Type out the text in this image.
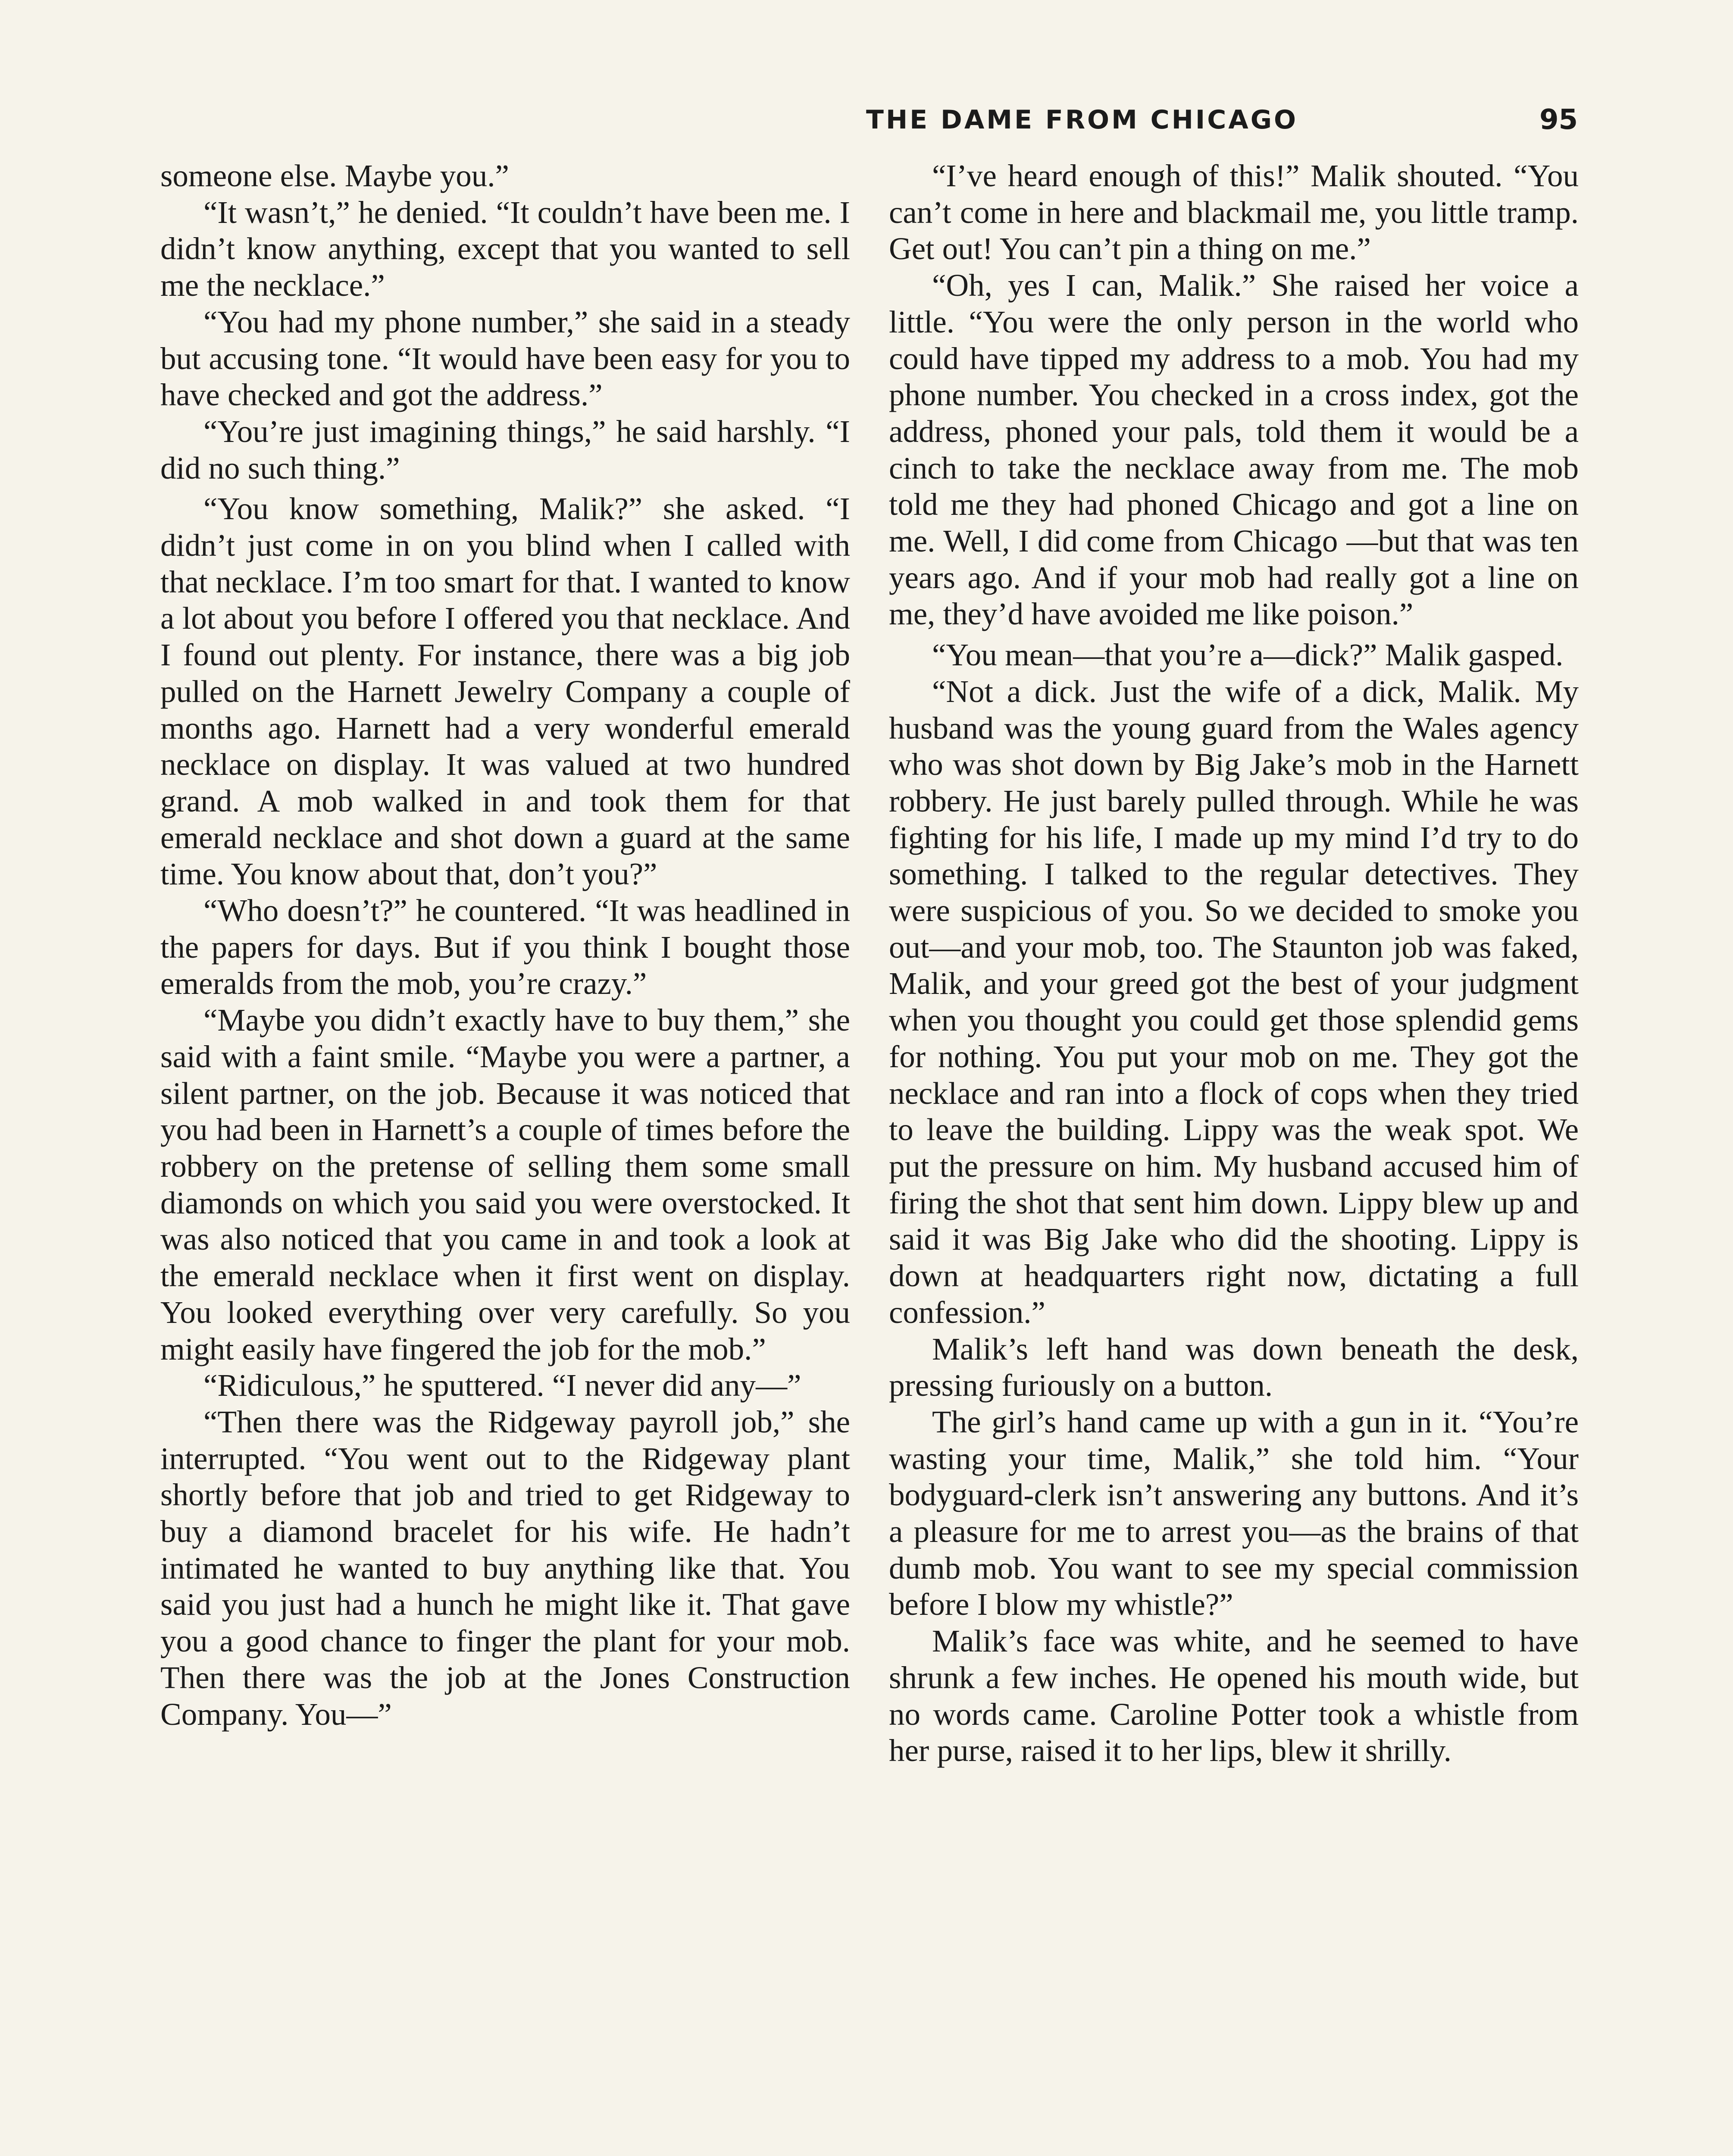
THE DAME FROM CHICAGO	95

someone else. Maybe you.”

“It wasn’t,” he denied. “It couldn’t have been me. I didn’t know anything, except that you wanted to sell me the necklace.”

“You had my phone number,” she said in a steady but accusing tone. “It would have been easy for you to have checked and got the address.”

“You’re just imagining things,” he said harshly. “I did no such thing.”

“You know something, Malik?” she asked. “I didn’t just come in on you blind when I called with that necklace. I’m too smart for that. I wanted to know a lot about you before I offered you that necklace. And I found out plenty. For instance, there was a big job pulled on the Harnett Jewelry Company a couple of months ago. Harnett had a very wonderful emerald necklace on display. It was valued at two hundred grand. A mob walked in and took them for that emerald necklace and shot down a guard at the same time. You know about that, don’t you?”

“Who doesn’t?” he countered. “It was headlined in the papers for days. But if you think I bought those emeralds from the mob, you’re crazy.”

“Maybe you didn’t exactly have to buy them,” she said with a faint smile. “Maybe you were a partner, a silent partner, on the job. Because it was noticed that you had been in Harnett’s a couple of times before the robbery on the pretense of selling them some small diamonds on which you said you were overstocked. It was also noticed that you came in and took a look at the emerald necklace when it first went on display. You looked everything over very carefully. So you might easily have fingered the job for the mob.”

“Ridiculous,” he sputtered. “I never did any—”

“Then there was the Ridgeway payroll job,” she interrupted. “You went out to the Ridgeway plant shortly before that job and tried to get Ridgeway to buy a diamond bracelet for his wife. He hadn’t intimated he wanted to buy anything like that. You said you just had a hunch he might like it. That gave you a good chance to finger the plant for your mob. Then there was the job at the Jones Construction Company. You—”

“I’ve heard enough of this!” Malik shouted. “You can’t come in here and blackmail me, you little tramp. Get out! You can’t pin a thing on me.”

“Oh, yes I can, Malik.” She raised her voice a little. “You were the only person in the world who could have tipped my address to a mob. You had my phone number. You checked in a cross index, got the address, phoned your pals, told them it would be a cinch to take the necklace away from me. The mob told me they had phoned Chicago and got a line on me. Well, I did come from Chicago —but that was ten years ago. And if your mob had really got a line on me, they’d have avoided me like poison.”

“You mean—that you’re a—dick?” Malik gasped.

“Not a dick. Just the wife of a dick, Malik. My husband was the young guard from the Wales agency who was shot down by Big Jake’s mob in the Harnett robbery. He just barely pulled through. While he was fighting for his life, I made up my mind I’d try to do something. I talked to the regular detectives. They were suspicious of you. So we decided to smoke you out—and your mob, too. The Staunton job was faked, Malik, and your greed got the best of your judgment when you thought you could get those splendid gems for nothing. You put your mob on me. They got the necklace and ran into a flock of cops when they tried to leave the building. Lippy was the weak spot. We put the pressure on him. My husband accused him of firing the shot that sent him down. Lippy blew up and said it was Big Jake who did the shooting. Lippy is down at headquarters right now, dictating a full confession.”

Malik’s left hand was down beneath the desk, pressing furiously on a button.

The girl’s hand came up with a gun in it. “You’re wasting your time, Malik,” she told him. “Your bodyguard-clerk isn’t answering any buttons. And it’s a pleasure for me to arrest you—as the brains of that dumb mob. You want to see my special commission before I blow my whistle?”

Malik’s face was white, and he seemed to have shrunk a few inches. He opened his mouth wide, but no words came. Caroline Potter took a whistle from her purse, raised it to her lips, blew it shrilly.
